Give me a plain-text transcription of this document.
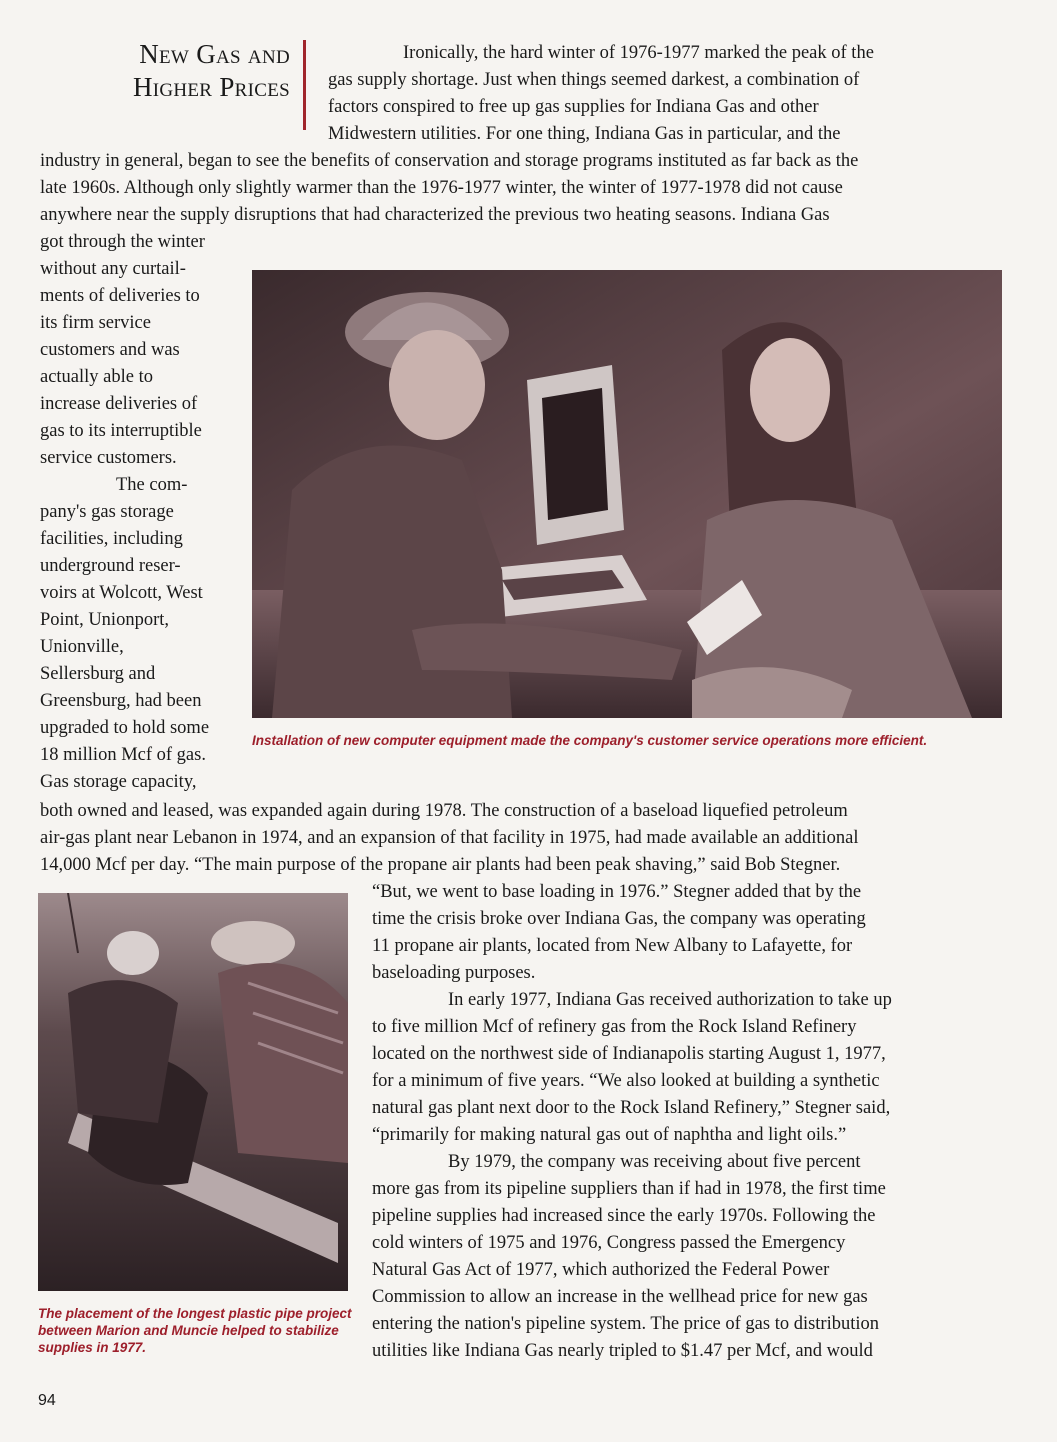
New Gas and
Higher Prices

Ironically, the hard winter of 1976-1977 marked the peak of the

gas supply shortage. Just when things seemed darkest, a combination of

factors conspired to free up gas supplies for Indiana Gas and other

Midwestern utilities. For one thing, Indiana Gas in particular, and the

industry in general, began to see the benefits of conservation and storage programs instituted as far back as the

late 1960s. Although only slightly warmer than the 1976-1977 winter, the winter of 1977-1978 did not cause

anywhere near the supply disruptions that had characterized the previous two heating seasons. Indiana Gas

got through the winter

without any curtail-

ments of deliveries to

its firm service

customers and was

actually able to

increase deliveries of

gas to its interruptible

service customers.

The com-

pany's gas storage

facilities, including

underground reser-

voirs at Wolcott, West

Point, Unionport,

Unionville,

Sellersburg and

Greensburg, had been

upgraded to hold some

18 million Mcf of gas.

Gas storage capacity,

Installation of new computer equipment made the company's customer service operations more efficient.

both owned and leased, was expanded again during 1978. The construction of a baseload liquefied petroleum

air-gas plant near Lebanon in 1974, and an expansion of that facility in 1975, had made available an additional

14,000 Mcf per day. “The main purpose of the propane air plants had been peak shaving,” said Bob Stegner.

The placement of the longest plastic pipe project between Marion and Muncie helped to stabilize supplies in 1977.

“But, we went to base loading in 1976.” Stegner added that by the

time the crisis broke over Indiana Gas, the company was operating

11 propane air plants, located from New Albany to Lafayette, for

baseloading purposes.

In early 1977, Indiana Gas received authorization to take up

to five million Mcf of refinery gas from the Rock Island Refinery

located on the northwest side of Indianapolis starting August 1, 1977,

for a minimum of five years. “We also looked at building a synthetic

natural gas plant next door to the Rock Island Refinery,” Stegner said,

“primarily for making natural gas out of naphtha and light oils.”

By 1979, the company was receiving about five percent

more gas from its pipeline suppliers than if had in 1978, the first time

pipeline supplies had increased since the early 1970s. Following the

cold winters of 1975 and 1976, Congress passed the Emergency

Natural Gas Act of 1977, which authorized the Federal Power

Commission to allow an increase in the wellhead price for new gas

entering the nation's pipeline system. The price of gas to distribution

utilities like Indiana Gas nearly tripled to $1.47 per Mcf, and would

94
